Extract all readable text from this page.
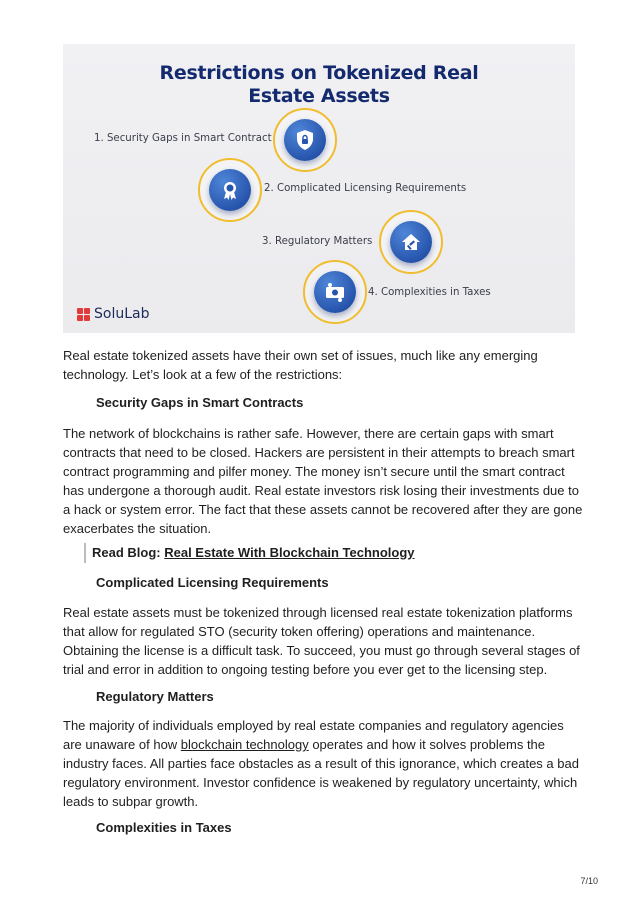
Restrictions on Tokenized Real
Estate Assets
1. Security Gaps in Smart Contract
2. Complicated Licensing Requirements
3. Regulatory Matters
4. Complexities in Taxes
SoluLab

Real estate tokenized assets have their own set of issues, much like any emerging technology. Let’s look at a few of the restrictions:

Security Gaps in Smart Contracts

The network of blockchains is rather safe. However, there are certain gaps with smart contracts that need to be closed. Hackers are persistent in their attempts to breach smart contract programming and pilfer money. The money isn’t secure until the smart contract has undergone a thorough audit. Real estate investors risk losing their investments due to a hack or system error. The fact that these assets cannot be recovered after they are gone exacerbates the situation.

Read Blog: Real Estate With Blockchain Technology
Complicated Licensing Requirements

Real estate assets must be tokenized through licensed real estate tokenization platforms that allow for regulated STO (security token offering) operations and maintenance. Obtaining the license is a difficult task. To succeed, you must go through several stages of trial and error in addition to ongoing testing before you ever get to the licensing step.

Regulatory Matters

The majority of individuals employed by real estate companies and regulatory agencies are unaware of how blockchain technology operates and how it solves problems the industry faces. All parties face obstacles as a result of this ignorance, which creates a bad regulatory environment. Investor confidence is weakened by regulatory uncertainty, which leads to subpar growth.

Complexities in Taxes
7/10
